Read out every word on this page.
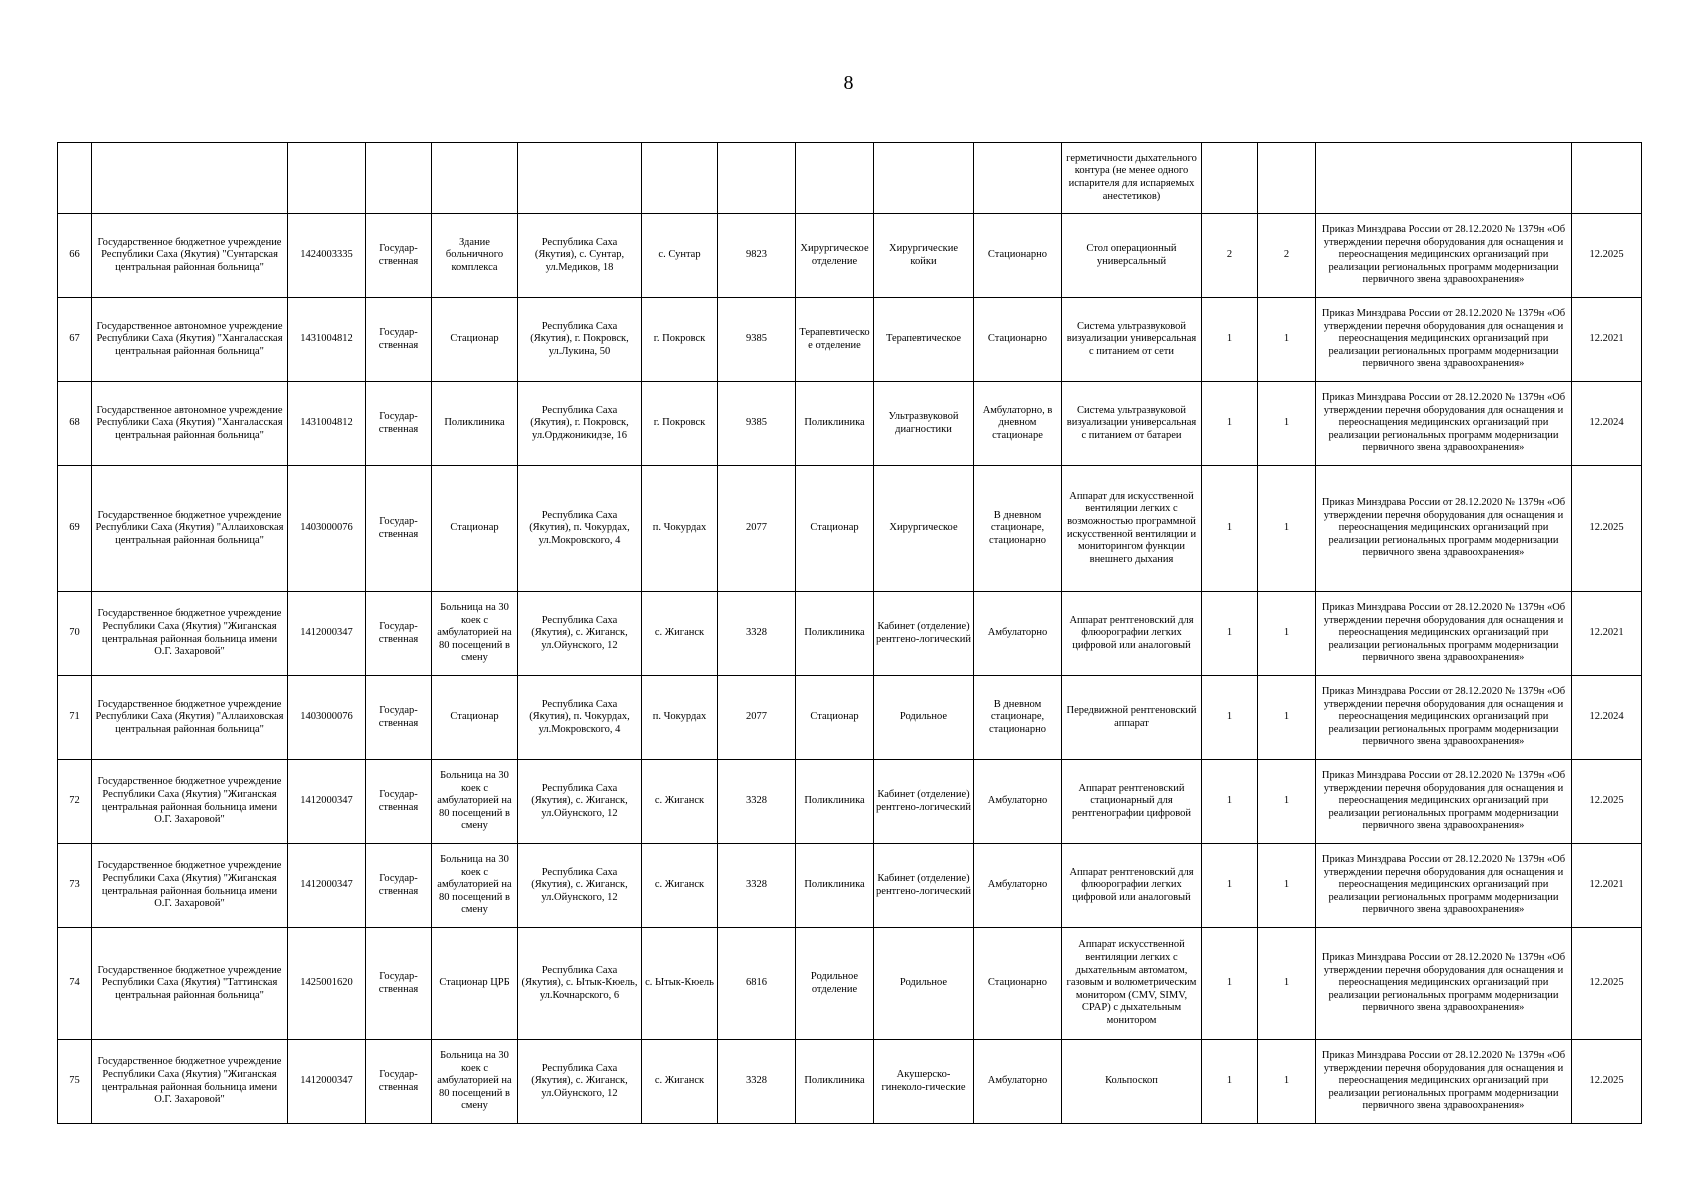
8
											герметичности дыхательного контура (не менее одного испарителя для испаряемых анестетиков)				
66	Государственное бюджетное учреждение Республики Саха (Якутия) "Сунтарская центральная районная больница"	1424003335	Государ-ственная	Здание больничного комплекса	Республика Саха (Якутия), с. Сунтар, ул.Медиков, 18	с. Сунтар	9823	Хирургическое отделение	Хирургические койки	Стационарно	Стол операционный универсальный	2	2	Приказ Минздрава России от 28.12.2020 № 1379н «Об утверждении перечня оборудования для оснащения и переоснащения медицинских организаций при реализации региональных программ модернизации первичного звена здравоохранения»	12.2025
67	Государственное автономное учреждение Республики Саха (Якутия) "Хангаласская центральная районная больница"	1431004812	Государ-ственная	Стационар	Республика Саха (Якутия), г. Покровск, ул.Лукина, 50	г. Покровск	9385	Терапевтическое отделение	Терапевтическое	Стационарно	Система ультразвуковой визуализации универсальная с питанием от сети	1	1	Приказ Минздрава России от 28.12.2020 № 1379н «Об утверждении перечня оборудования для оснащения и переоснащения медицинских организаций при реализации региональных программ модернизации первичного звена здравоохранения»	12.2021
68	Государственное автономное учреждение Республики Саха (Якутия) "Хангаласская центральная районная больница"	1431004812	Государ-ственная	Поликлиника	Республика Саха (Якутия), г. Покровск, ул.Орджоникидзе, 16	г. Покровск	9385	Поликлиника	Ультразвуковой диагностики	Амбулаторно, в дневном стационаре	Система ультразвуковой визуализации универсальная с питанием от батареи	1	1	Приказ Минздрава России от 28.12.2020 № 1379н «Об утверждении перечня оборудования для оснащения и переоснащения медицинских организаций при реализации региональных программ модернизации первичного звена здравоохранения»	12.2024
69	Государственное бюджетное учреждение Республики Саха (Якутия) "Аллаиховская центральная районная больница"	1403000076	Государ-ственная	Стационар	Республика Саха (Якутия), п. Чокурдах, ул.Мокровского, 4	п. Чокурдах	2077	Стационар	Хирургическое	В дневном стационаре, стационарно	Аппарат для искусственной вентиляции легких с возможностью программной искусственной вентиляции и мониторингом функции внешнего дыхания	1	1	Приказ Минздрава России от 28.12.2020 № 1379н «Об утверждении перечня оборудования для оснащения и переоснащения медицинских организаций при реализации региональных программ модернизации первичного звена здравоохранения»	12.2025
70	Государственное бюджетное учреждение Республики Саха (Якутия) "Жиганская центральная районная больница имени О.Г. Захаровой"	1412000347	Государ-ственная	Больница на 30 коек с амбулаторией на 80 посещений в смену	Республика Саха (Якутия), с. Жиганск, ул.Ойунского, 12	с. Жиганск	3328	Поликлиника	Кабинет (отделение) рентгено-логический	Амбулаторно	Аппарат рентгеновский для флюорографии легких цифровой или аналоговый	1	1	Приказ Минздрава России от 28.12.2020 № 1379н «Об утверждении перечня оборудования для оснащения и переоснащения медицинских организаций при реализации региональных программ модернизации первичного звена здравоохранения»	12.2021
71	Государственное бюджетное учреждение Республики Саха (Якутия) "Аллаиховская центральная районная больница"	1403000076	Государ-ственная	Стационар	Республика Саха (Якутия), п. Чокурдах, ул.Мокровского, 4	п. Чокурдах	2077	Стационар	Родильное	В дневном стационаре, стационарно	Передвижной рентгеновский аппарат	1	1	Приказ Минздрава России от 28.12.2020 № 1379н «Об утверждении перечня оборудования для оснащения и переоснащения медицинских организаций при реализации региональных программ модернизации первичного звена здравоохранения»	12.2024
72	Государственное бюджетное учреждение Республики Саха (Якутия) "Жиганская центральная районная больница имени О.Г. Захаровой"	1412000347	Государ-ственная	Больница на 30 коек с амбулаторией на 80 посещений в смену	Республика Саха (Якутия), с. Жиганск, ул.Ойунского, 12	с. Жиганск	3328	Поликлиника	Кабинет (отделение) рентгено-логический	Амбулаторно	Аппарат рентгеновский стационарный для рентгенографии цифровой	1	1	Приказ Минздрава России от 28.12.2020 № 1379н «Об утверждении перечня оборудования для оснащения и переоснащения медицинских организаций при реализации региональных программ модернизации первичного звена здравоохранения»	12.2025
73	Государственное бюджетное учреждение Республики Саха (Якутия) "Жиганская центральная районная больница имени О.Г. Захаровой"	1412000347	Государ-ственная	Больница на 30 коек с амбулаторией на 80 посещений в смену	Республика Саха (Якутия), с. Жиганск, ул.Ойунского, 12	с. Жиганск	3328	Поликлиника	Кабинет (отделение) рентгено-логический	Амбулаторно	Аппарат рентгеновский для флюорографии легких цифровой или аналоговый	1	1	Приказ Минздрава России от 28.12.2020 № 1379н «Об утверждении перечня оборудования для оснащения и переоснащения медицинских организаций при реализации региональных программ модернизации первичного звена здравоохранения»	12.2021
74	Государственное бюджетное учреждение Республики Саха (Якутия) "Таттинская центральная районная больница"	1425001620	Государ-ственная	Стационар ЦРБ	Республика Саха (Якутия), с. Ытык-Кюель, ул.Кочнарского, 6	с. Ытык-Кюель	6816	Родильное отделение	Родильное	Стационарно	Аппарат искусственной вентиляции легких с дыхательным автоматом, газовым и волюметрическим монитором (CMV, SIMV, CPAP) с дыхательным монитором	1	1	Приказ Минздрава России от 28.12.2020 № 1379н «Об утверждении перечня оборудования для оснащения и переоснащения медицинских организаций при реализации региональных программ модернизации первичного звена здравоохранения»	12.2025
75	Государственное бюджетное учреждение Республики Саха (Якутия) "Жиганская центральная районная больница имени О.Г. Захаровой"	1412000347	Государ-ственная	Больница на 30 коек с амбулаторией на 80 посещений в смену	Республика Саха (Якутия), с. Жиганск, ул.Ойунского, 12	с. Жиганск	3328	Поликлиника	Акушерско-гинеколо-гические	Амбулаторно	Кольпоскоп	1	1	Приказ Минздрава России от 28.12.2020 № 1379н «Об утверждении перечня оборудования для оснащения и переоснащения медицинских организаций при реализации региональных программ модернизации первичного звена здравоохранения»	12.2025
